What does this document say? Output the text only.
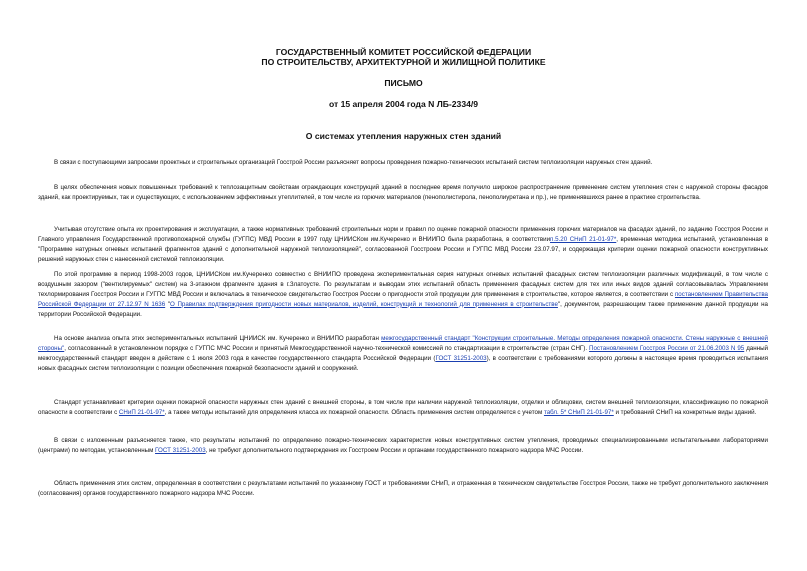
ГОСУДАРСТВЕННЫЙ КОМИТЕТ РОССИЙСКОЙ ФЕДЕРАЦИИ
ПО СТРОИТЕЛЬСТВУ, АРХИТЕКТУРНОЙ И ЖИЛИЩНОЙ ПОЛИТИКЕ
ПИСЬМО
от 15 апреля 2004 года N ЛБ-2334/9
О системах утепления наружных стен зданий

В связи с поступающими запросами проектных и строительных организаций Госстрой России разъясняет вопросы проведения пожарно-технических испытаний систем теплоизоляции наружных стен зданий.

В целях обеспечения новых повышенных требований к теплозащитным свойствам ограждающих конструкций зданий в последнее время получило широкое распространение применение систем утепления стен с наружной стороны фасадов зданий, как проектируемых, так и существующих, с использованием эффективных утеплителей, в том числе из горючих материалов (пенополистирола, пенополиуретана и пр.), не применявшихся ранее в практике строительства.

Учитывая отсутствие опыта их проектирования и эксплуатации, а также нормативных требований строительных норм и правил по оценке пожарной опасности применения горючих материалов на фасадах зданий, по заданию Госстроя России и Главного управления Государственной противопожарной службы (ГУГПС) МВД России в 1997 году ЦНИИСКом им.Кучеренко и ВНИИПО была разработана, в соответствиип.5.20 СНиП 21-01-97*, временная методика испытаний, установленная в "Программе натурных огневых испытаний фрагментов зданий с дополнительной наружной теплоизоляцией", согласованной Госстроем России и ГУГПС МВД России 23.07.97, и содержащая критерии оценки пожарной опасности конструктивных решений наружных стен с нанесенной системой теплоизоляции.

По этой программе в период 1998-2003 годов, ЦНИИСКом им.Кучеренко совместно с ВНИИПО проведена экспериментальная серия натурных огневых испытаний фасадных систем теплоизоляции различных модификаций, в том числе с воздушным зазором ("вентилируемых" систем) на 3-этажном фрагменте здания в г.Златоусте. По результатам и выводам этих испытаний область применения фасадных систем для тех или иных видов зданий согласовывалась Управлением техлормирования Госстроя России и ГУГПС МВД России и включалась в техническое свидетельство Госстроя России о пригодности этой продукции для применения в строительстве, которое является, в соответствии с постановлением Правительства Российской Федерации от 27.12.97 N 1636 "О Правилах подтверждения пригодности новых материалов, изделий, конструкций и технологий для применения в строительстве", документом, разрешающим также применение данной продукции на территории Российской Федерации.

На основе анализа опыта этих экспериментальных испытаний ЦНИИСК им. Кучеренко и ВНИИПО разработан межгосударственный стандарт "Конструкции строительные. Методы определения пожарной опасности. Стены наружные с внешней стороны", согласованный в установленном порядке с ГУГПС МЧС России и принятый Межгосударственной научно-технической комиссией по стандартизации в строительстве (стран СНГ). Постановлением Госстроя России от 21.06.2003 N 95 данный межгосударственный стандарт введен в действие с 1 июля 2003 года в качестве государственного стандарта Российской Федерации (ГОСТ 31251-2003), в соответствии с требованиями которого должны в настоящее время проводиться испытания новых фасадных систем теплоизоляции с позиции обеспечения пожарной безопасности зданий и сооружений.

Стандарт устанавливает критерии оценки пожарной опасности наружных стен зданий с внешней стороны, в том числе при наличии наружной теплоизоляции, отделки и облицовки, систем внешней теплоизоляции, классификацию по пожарной опасности в соответствии с СНиП 21-01-97*, а также методы испытаний для определения класса их пожарной опасности. Область применения систем определяется с учетом табл. 5* СНиП 21-01-97* и требований СНиП на конкретные виды зданий.

В связи с изложенным разъясняется также, что результаты испытаний по определению пожарно-технических характеристик новых конструктивных систем утепления, проводимых специализированными испытательными лабораториями (центрами) по методам, установленным ГОСТ 31251-2003, не требуют дополнительного подтверждения их Госстроем России и органами государственного пожарного надзора МЧС России.

Область применения этих систем, определенная в соответствии с результатами испытаний по указанному ГОСТ и требованиями СНиП, и отраженная в техническом свидетельстве Госстроя России, также не требует дополнительного заключения (согласования) органов государственного пожарного надзора МЧС России.
